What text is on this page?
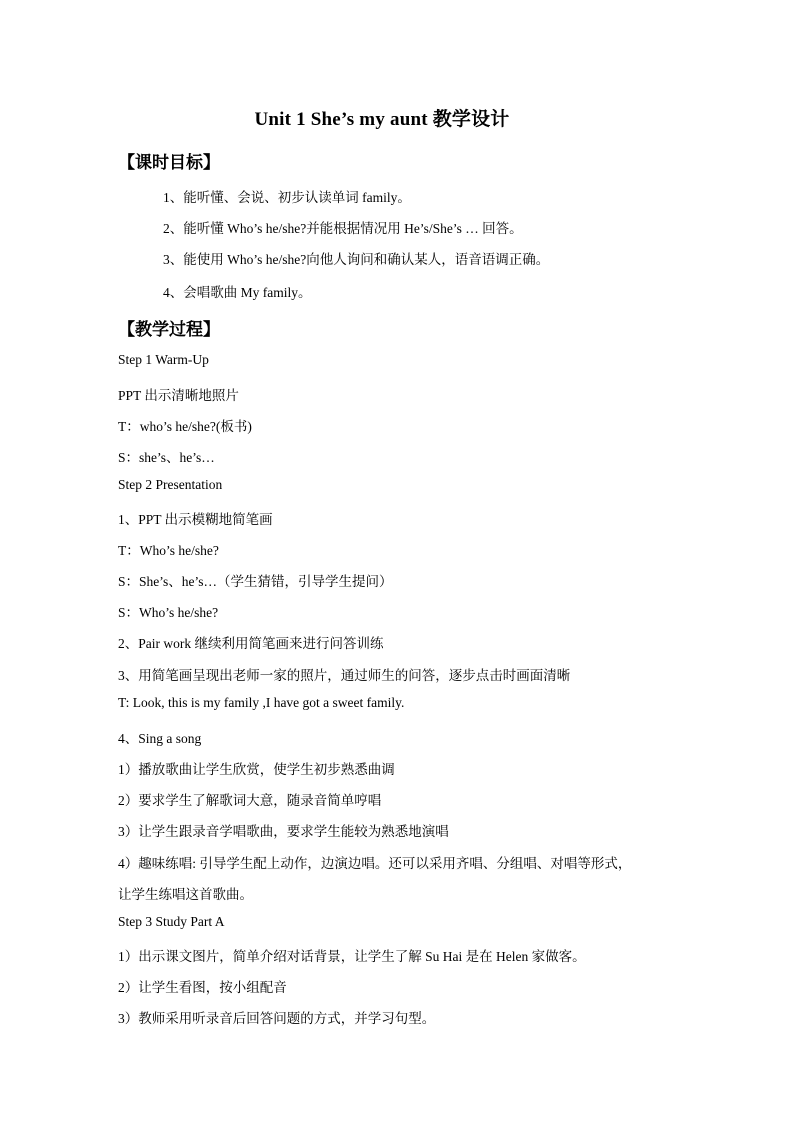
Unit 1 She’s my aunt 教学设计
【课时目标】
1、能听懂、会说、初步认读单词 family。
2、能听懂 Who’s he/she?并能根据情况用 He’s/She’s … 回答。
3、能使用 Who’s he/she?向他人询问和确认某人，语音语调正确。
4、会唱歌曲 My family。
【教学过程】
Step 1 Warm-Up
PPT 出示清晰地照片
T：who’s he/she?(板书)
S：she’s、he’s…
Step 2 Presentation
1、PPT 出示模糊地简笔画
T：Who’s he/she?
S：She’s、he’s…（学生猜错，引导学生提问）
S：Who’s he/she?
2、Pair work 继续利用简笔画来进行问答训练
3、用简笔画呈现出老师一家的照片，通过师生的问答，逐步点击时画面清晰
T: Look, this is my family ,I have got a sweet family.
4、Sing a song
1）播放歌曲让学生欣赏，使学生初步熟悉曲调
2）要求学生了解歌词大意，随录音简单哼唱
3）让学生跟录音学唱歌曲，要求学生能较为熟悉地演唱
4）趣味练唱: 引导学生配上动作，边演边唱。还可以采用齐唱、分组唱、对唱等形式，
让学生练唱这首歌曲。
Step 3 Study Part A
1）出示课文图片，简单介绍对话背景，让学生了解 Su Hai 是在 Helen 家做客。
2）让学生看图，按小组配音
3）教师采用听录音后回答问题的方式，并学习句型。
